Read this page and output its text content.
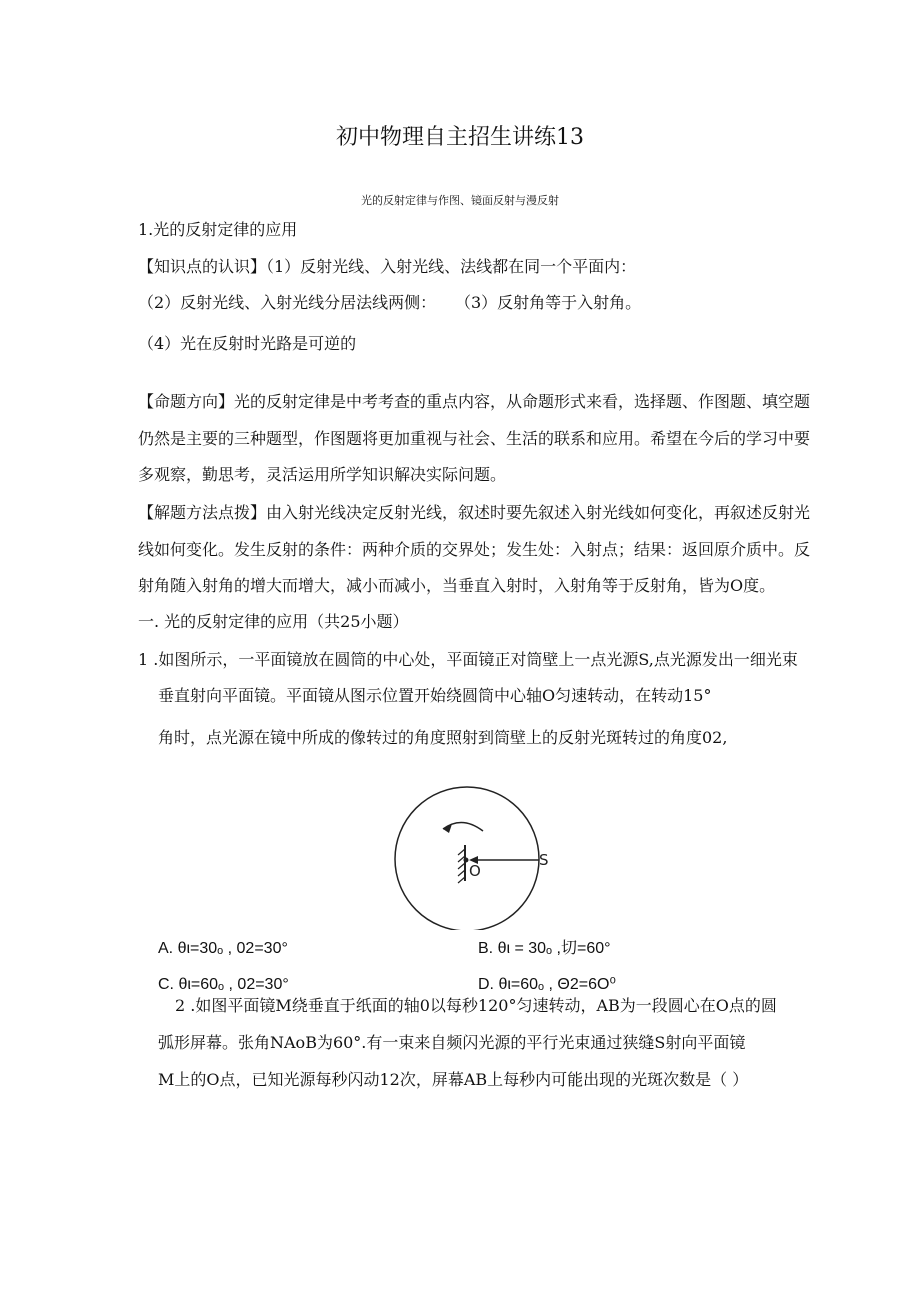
初中物理自主招生讲练13
光的反射定律与作图、镜面反射与漫反射
1.光的反射定律的应用
【知识点的认识】（1）反射光线、入射光线、法线都在同一个平面内：
（2）反射光线、入射光线分居法线两侧： （3）反射角等于入射角。
（4）光在反射时光路是可逆的
【命题方向】光的反射定律是中考考查的重点内容，从命题形式来看，选择题、作图题、填空题
仍然是主要的三种题型，作图题将更加重视与社会、生活的联系和应用。希望在今后的学习中要
多观察，勤思考，灵活运用所学知识解决实际问题。
【解题方法点拨】由入射光线决定反射光线，叙述时要先叙述入射光线如何变化，再叙述反射光
线如何变化。发生反射的条件：两种介质的交界处；发生处：入射点；结果：返回原介质中。反
射角随入射角的增大而增大，减小而减小，当垂直入射时，入射角等于反射角，皆为O度。
一. 光的反射定律的应用（共25小题）
1 .如图所示，一平面镜放在圆筒的中心处，平面镜正对筒壁上一点光源S,点光源发出一细光束
垂直射向平面镜。平面镜从图示位置开始绕圆筒中心轴O匀速转动，在转动15°
角时，点光源在镜中所成的像转过的角度照射到筒壁上的反射光斑转过的角度02,
S
O
A. θι=30ₒ , 02=30°	B. θι = 30ₒ ,切=60°
C. θι=60ₒ , 02=30°	D. θι=60ₒ , Θ2=6O⁰
2 .如图平面镜M绕垂直于纸面的轴0以每秒120°匀速转动，AB为一段圆心在O点的圆
弧形屏幕。张角NAoB为60°.有一束来自频闪光源的平行光束通过狭缝S射向平面镜
M上的O点，已知光源每秒闪动12次，屏幕AB上每秒内可能出现的光斑次数是（ ）
